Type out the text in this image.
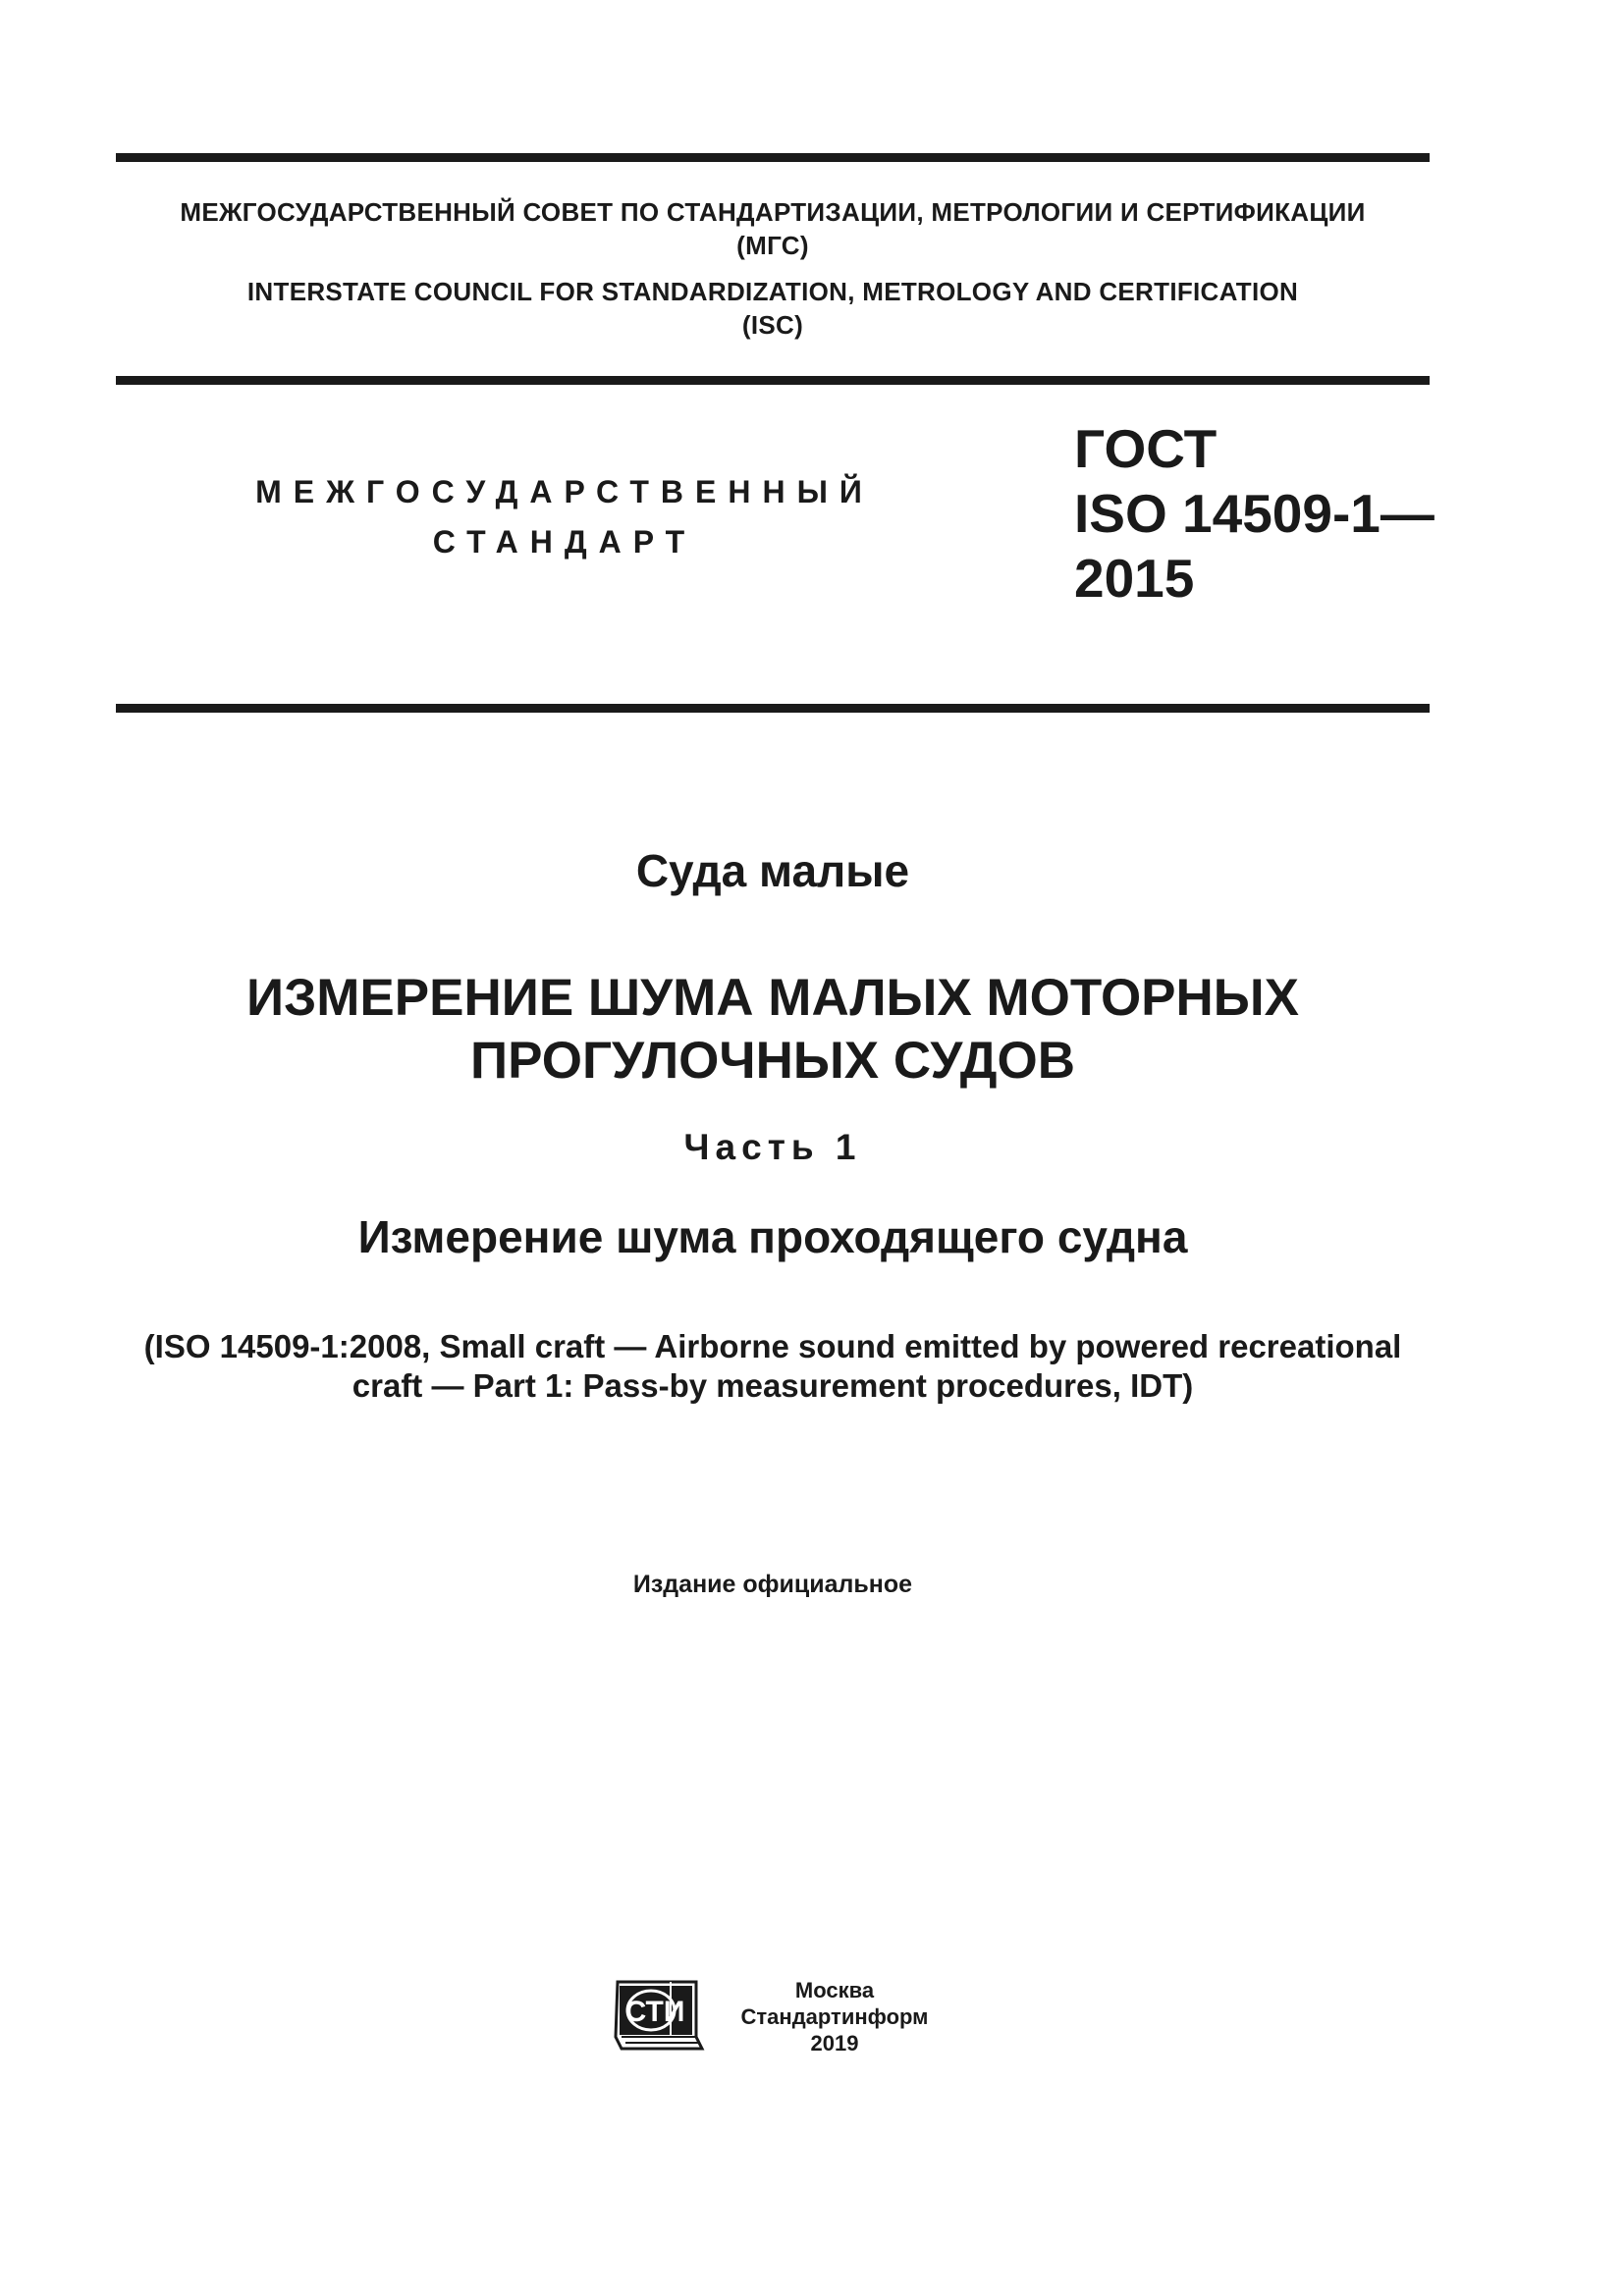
МЕЖГОСУДАРСТВЕННЫЙ СОВЕТ ПО СТАНДАРТИЗАЦИИ, МЕТРОЛОГИИ И СЕРТИФИКАЦИИ
(МГС)
INTERSTATE COUNCIL FOR STANDARDIZATION, METROLOGY AND CERTIFICATION
(ISC)
МЕЖГОСУДАРСТВЕННЫЙ
СТАНДАРТ
ГОСТ
ISO 14509-1—
2015
Суда малые
ИЗМЕРЕНИЕ ШУМА МАЛЫХ МОТОРНЫХ
ПРОГУЛОЧНЫХ СУДОВ
Часть 1
Измерение шума проходящего судна
(ISO 14509-1:2008, Small craft — Airborne sound emitted by powered recreational
craft — Part 1: Pass-by measurement procedures, IDT)
Издание официальное
СТИ
Москва
Стандартинформ
2019
